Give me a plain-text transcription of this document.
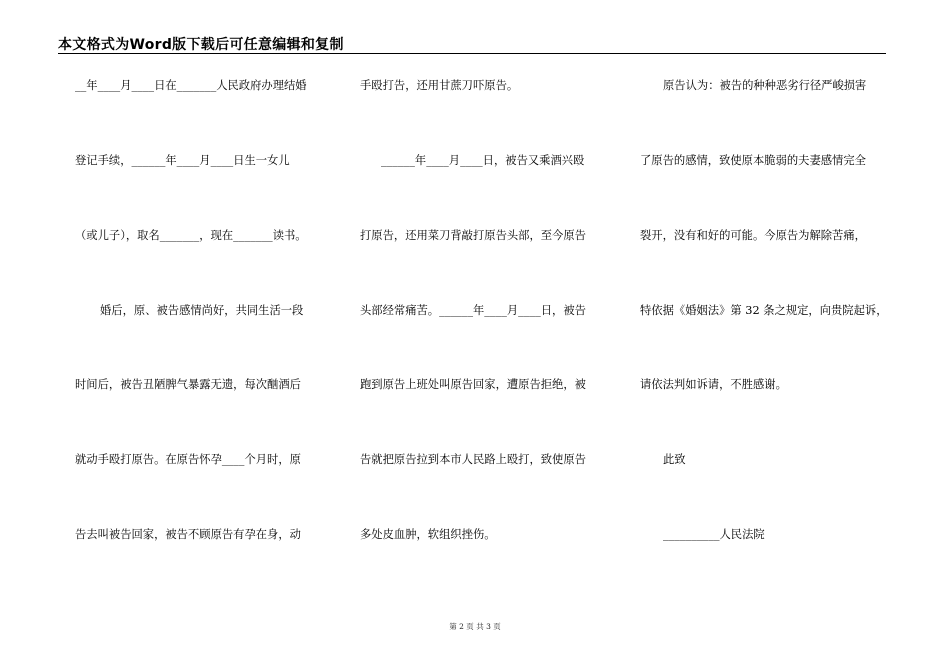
本文格式为Word版下载后可任意编辑和复制
__年____月____日在_______人民政府办理结婚
登记手续，______年____月____日生一女儿
（或儿子），取名_______，现在_______读书。
婚后，原、被告感情尚好，共同生活一段
时间后，被告丑陋脾气暴露无遗，每次酗酒后
就动手殴打原告。在原告怀孕____个月时，原
告去叫被告回家，被告不顾原告有孕在身，动
手殴打告，还用甘蔗刀吓原告。
______年____月____日，被告又乘酒兴殴
打原告，还用菜刀背敲打原告头部，至今原告
头部经常痛苦。______年____月____日，被告
跑到原告上班处叫原告回家，遭原告拒绝，被
告就把原告拉到本市人民路上殴打，致使原告
多处皮血肿，软组织挫伤。
原告认为：被告的种种恶劣行径严峻损害
了原告的感情，致使原本脆弱的夫妻感情完全
裂开，没有和好的可能。今原告为解除苦痛，
特依据《婚姻法》第 32 条之规定，向贵院起诉，
请依法判如诉请，不胜感谢。
此致
__________人民法院
第 2 页 共 3 页
